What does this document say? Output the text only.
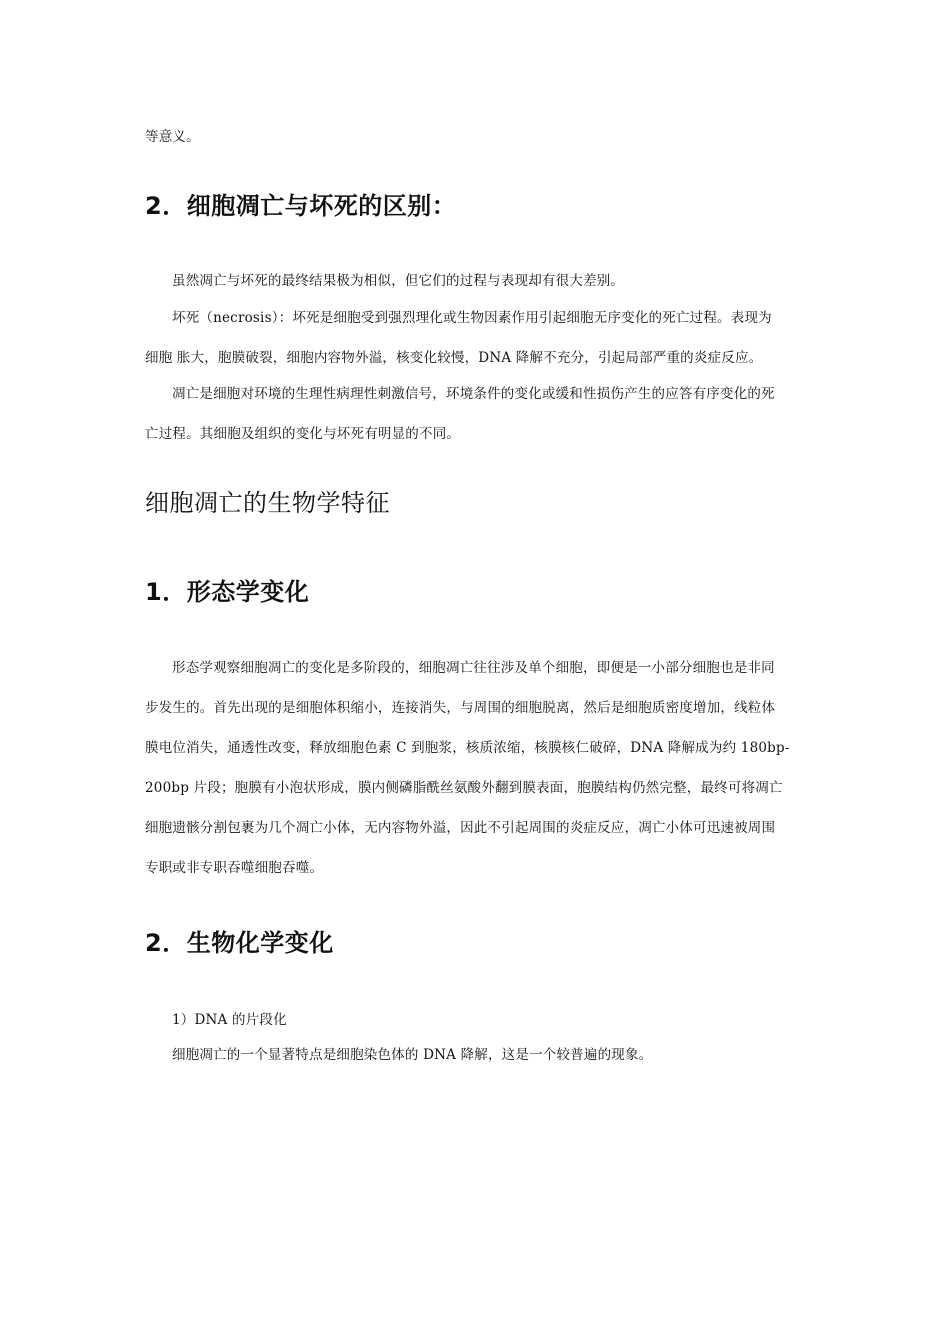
等意义。

2．细胞凋亡与坏死的区别：

虽然凋亡与坏死的最终结果极为相似，但它们的过程与表现却有很大差别。

坏死（necrosis）：坏死是细胞受到强烈理化或生物因素作用引起细胞无序变化的死亡过程。表现为
细胞 胀大，胞膜破裂，细胞内容物外溢，核变化较慢，DNA 降解不充分，引起局部严重的炎症反应。
凋亡是细胞对环境的生理性病理性刺激信号，环境条件的变化或缓和性损伤产生的应答有序变化的死
亡过程。其细胞及组织的变化与坏死有明显的不同。
细胞凋亡的生物学特征
1．形态学变化
形态学观察细胞凋亡的变化是多阶段的，细胞凋亡往往涉及单个细胞，即便是一小部分细胞也是非同
步发生的。首先出现的是细胞体积缩小，连接消失，与周围的细胞脱离，然后是细胞质密度增加，线粒体
膜电位消失，通透性改变，释放细胞色素 C 到胞浆，核质浓缩，核膜核仁破碎，DNA 降解成为约 180bp-
200bp 片段；胞膜有小泡状形成，膜内侧磷脂酰丝氨酸外翻到膜表面，胞膜结构仍然完整，最终可将凋亡
细胞遗骸分割包裹为几个凋亡小体，无内容物外溢，因此不引起周围的炎症反应，凋亡小体可迅速被周围
专职或非专职吞噬细胞吞噬。
2．生物化学变化

1）DNA 的片段化

细胞凋亡的一个显著特点是细胞染色体的 DNA 降解，这是一个较普遍的现象。
